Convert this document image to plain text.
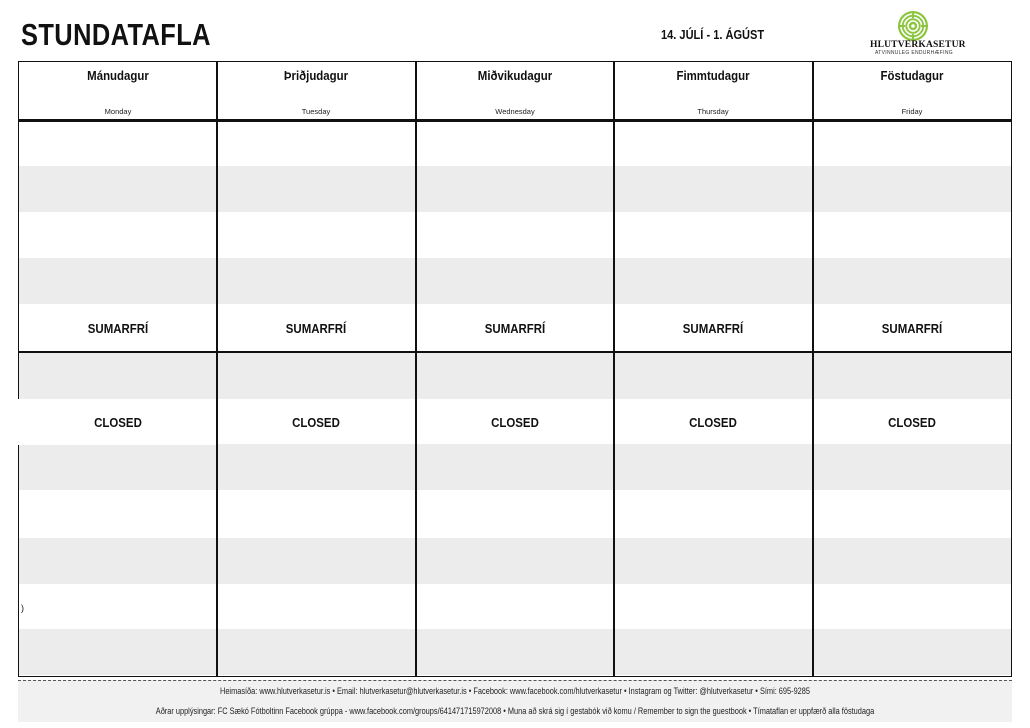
STUNDATAFLA	14. JÚLÍ - 1. ÁGÚST
HLUTVERKASETUR
ATVINNULEG ENDURHÆFING
Mánudagur
Monday
SUMARFRÍ
CLOSED
Þriðjudagur
Tuesday
SUMARFRÍ
CLOSED
Miðvikudagur
Wednesday
SUMARFRÍ
CLOSED
Fimmtudagur
Thursday
SUMARFRÍ
CLOSED
Föstudagur
Friday
SUMARFRÍ
CLOSED
)
Heimasíða: www.hlutverkasetur.is • Email: hlutverkasetur@hlutverkasetur.is • Facebook: www.facebook.com/hlutverkasetur • Instagram og Twitter: @hlutverkasetur • Sími: 695-9285
Aðrar upplýsingar: FC Sækó Fótboltinn Facebook grúppa - www.facebook.com/groups/641471715972008 • Muna að skrá sig í gestabók við komu / Remember to sign the guestbook • Tímataflan er uppfærð alla föstudaga
